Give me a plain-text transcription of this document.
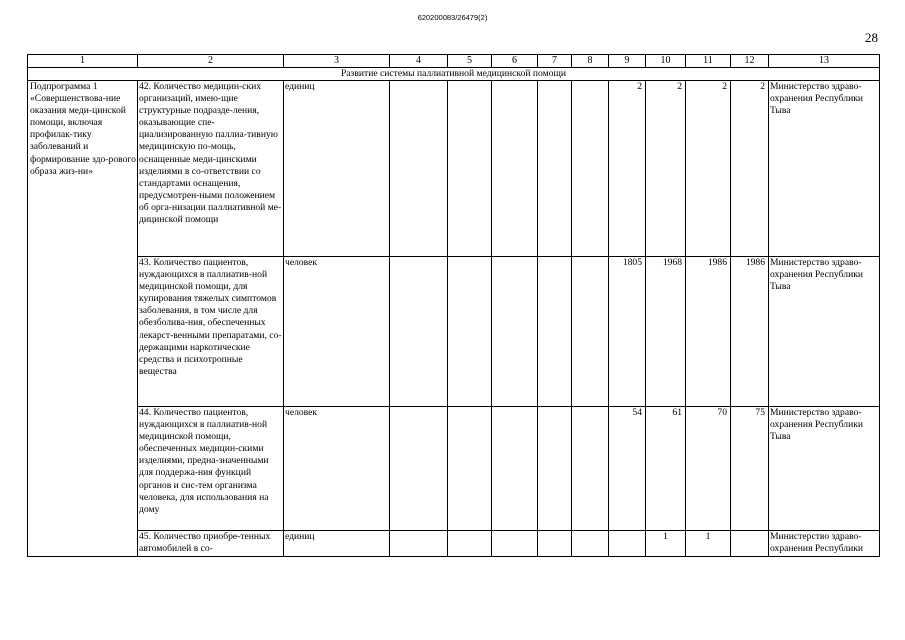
620200083/26479(2)
28
1	2	3	4	5	6	7	8	9	10	11	12	13
Развитие системы паллиативной медицинской помощи												
Подпрограмма 1 «Совершенствова-ние оказания меди-цинской помощи, включая профилак-тику заболеваний и формирование здо-рового образа жиз-ни»	42. Количество медицин-ских организаций, имею-щие структурные подразде-ления, оказывающие спе-циализированную паллиа-тивную медицинскую по-мощь, оснащенные меди-цинскими изделиями в со-ответствии со стандартами оснащения, предусмотрен-ными положением об орга-низации паллиативной ме-дицинской помощи	единиц						2	2	2	2	Министерство здраво-охранения Республики Тыва
	43. Количество пациентов, нуждающихся в паллиатив-ной медицинской помощи, для купирования тяжелых симптомов заболевания, в том числе для обезболива-ния, обеспеченных лекарст-венными препаратами, со-держащими наркотические средства и психотропные вещества	человек						1805	1968	1986	1986	Министерство здраво-охранения Республики Тыва
	44. Количество пациентов, нуждающихся в паллиатив-ной медицинской помощи, обеспеченных медицин-скими изделиями, предна-значенными для поддержа-ния функций органов и сис-тем организма человека, для использования на дому	человек						54	61	70	75	Министерство здраво-охранения Республики Тыва
	45. Количество приобре-тенных автомобилей в со-	единиц							1	1		Министерство здраво-охранения Республики
